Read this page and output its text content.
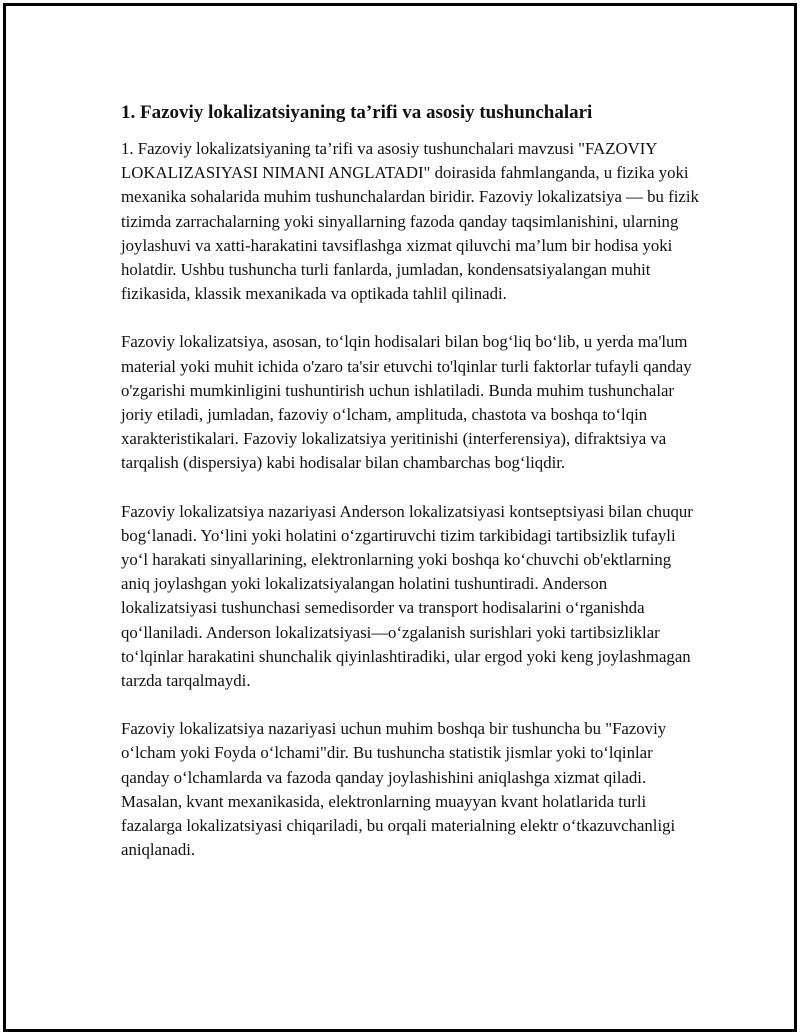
1. Fazoviy lokalizatsiyaning ta’rifi va asosiy tushunchalari

1. Fazoviy lokalizatsiyaning ta’rifi va asosiy tushunchalari mavzusi "FAZOVIY LOKALIZASIYASI NIMANI ANGLATADI" doirasida fahmlanganda, u fizika yoki mexanika sohalarida muhim tushunchalardan biridir. Fazoviy lokalizatsiya — bu fizik tizimda zarrachalarning yoki sinyallarning fazoda qanday taqsimlanishini, ularning joylashuvi va xatti-harakatini tavsiflashga xizmat qiluvchi ma’lum bir hodisa yoki holatdir. Ushbu tushuncha turli fanlarda, jumladan, kondensatsiyalangan muhit fizikasida, klassik mexanikada va optikada tahlil qilinadi.

Fazoviy lokalizatsiya, asosan, to‘lqin hodisalari bilan bog‘liq bo‘lib, u yerda ma'lum material yoki muhit ichida o'zaro ta'sir etuvchi to'lqinlar turli faktorlar tufayli qanday o'zgarishi mumkinligini tushuntirish uchun ishlatiladi. Bunda muhim tushunchalar joriy etiladi, jumladan, fazoviy o‘lcham, amplituda, chastota va boshqa to‘lqin xarakteristikalari. Fazoviy lokalizatsiya yeritinishi (interferensiya), difraktsiya va tarqalish (dispersiya) kabi hodisalar bilan chambarchas bog‘liqdir.

Fazoviy lokalizatsiya nazariyasi Anderson lokalizatsiyasi kontseptsiyasi bilan chuqur bog‘lanadi. Yo‘lini yoki holatini o‘zgartiruvchi tizim tarkibidagi tartibsizlik tufayli yo‘l harakati sinyallarining, elektronlarning yoki boshqa ko‘chuvchi ob'ektlarning aniq joylashgan yoki lokalizatsiyalangan holatini tushuntiradi. Anderson lokalizatsiyasi tushunchasi semedisorder va transport hodisalarini o‘rganishda qo‘llaniladi. Anderson lokalizatsiyasi—o‘zgalanish surishlari yoki tartibsizliklar to‘lqinlar harakatini shunchalik qiyinlashtiradiki, ular ergod yoki keng joylashmagan tarzda tarqalmaydi.

Fazoviy lokalizatsiya nazariyasi uchun muhim boshqa bir tushuncha bu "Fazoviy o‘lcham yoki Foyda o‘lchami"dir. Bu tushuncha statistik jismlar yoki to‘lqinlar qanday o‘lchamlarda va fazoda qanday joylashishini aniqlashga xizmat qiladi. Masalan, kvant mexanikasida, elektronlarning muayyan kvant holatlarida turli fazalarga lokalizatsiyasi chiqariladi, bu orqali materialning elektr o‘tkazuvchanligi aniqlanadi.
